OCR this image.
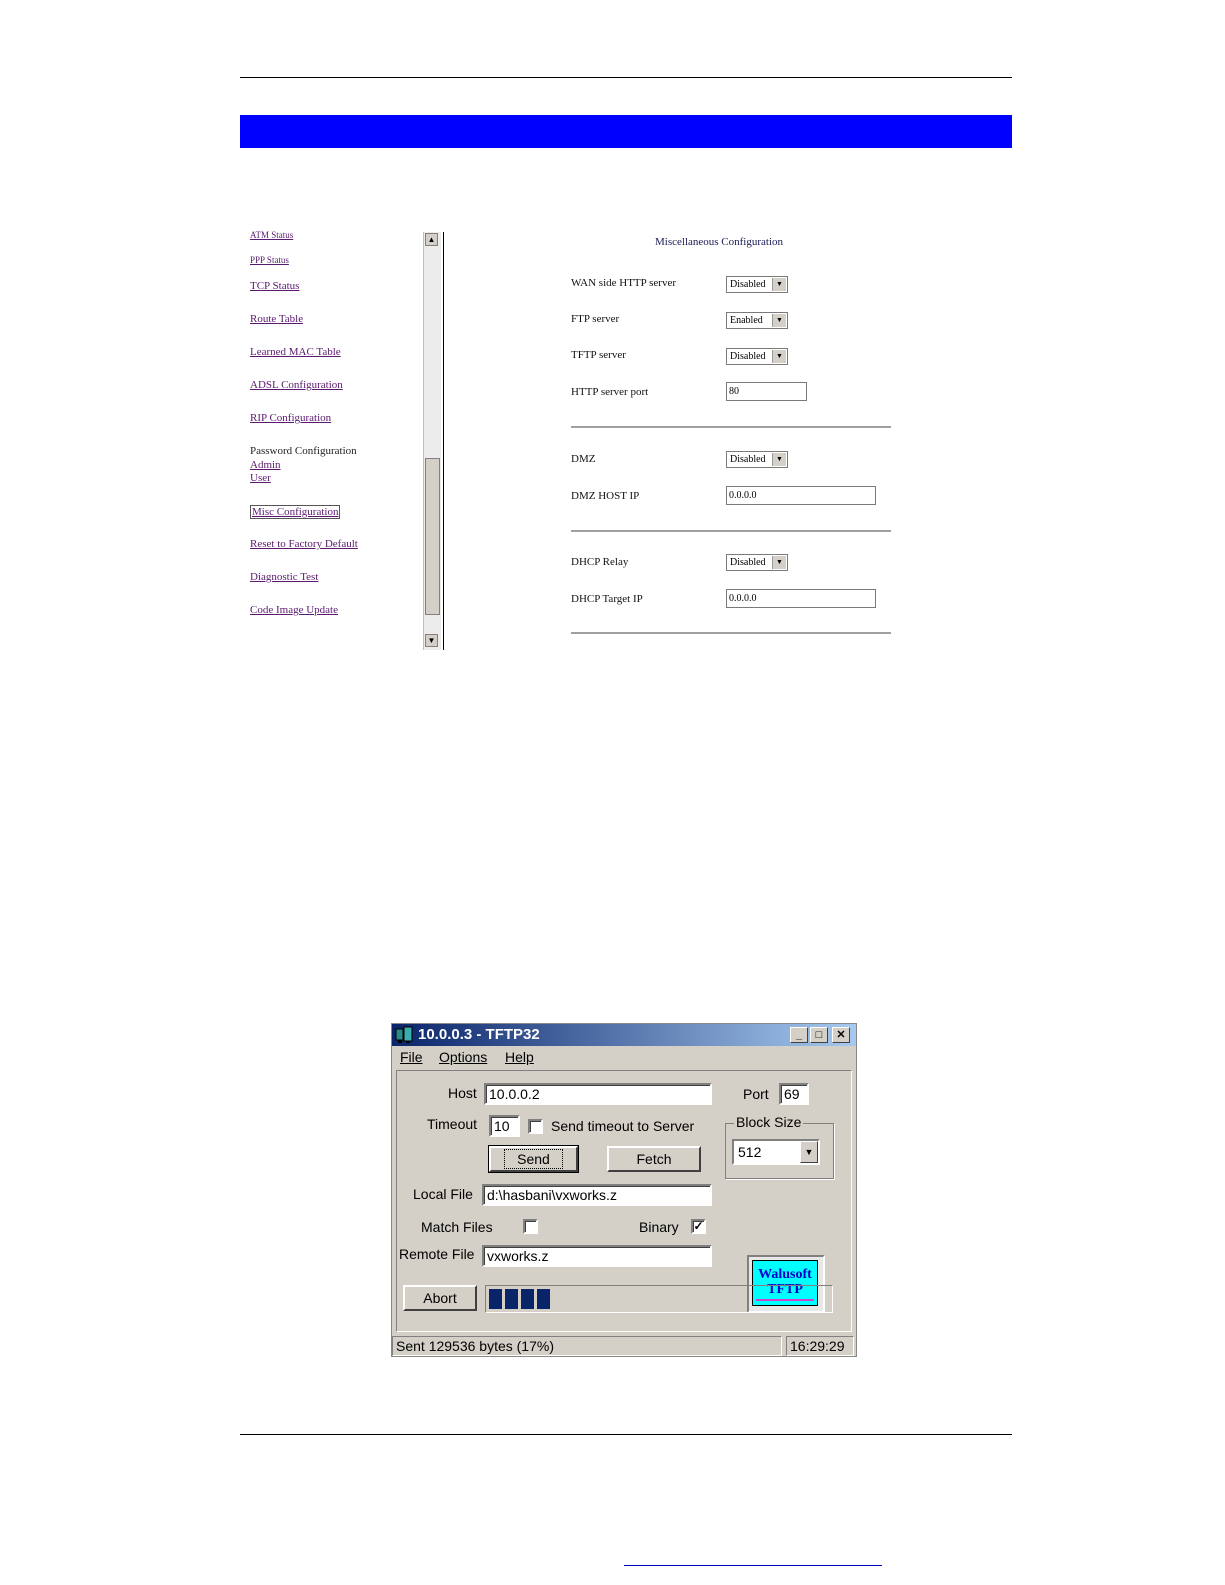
ATM Status
PPP Status
TCP Status
Route Table
Learned MAC Table
ADSL Configuration
RIP Configuration
Password Configuration
Admin
User
Misc Configuration
Reset to Factory Default
Diagnostic Test
Code Image Update
▲
▼
Miscellaneous Configuration
WAN side HTTP server	Disabled	▼
FTP server	Enabled	▼
TFTP server	Disabled	▼
HTTP server port	80
DMZ	Disabled	▼
DMZ HOST IP	0.0.0.0
DHCP Relay	Disabled	▼
DHCP Target IP	0.0.0.0
10.0.0.3 - TFTP32	_	□	✕
File Options Help
Host 10.0.0.2	Port	69
Timeout	10	Send timeout to Server	Block Size
512	▼
Send	Fetch
Local File	d:\hasbani\vxworks.z
Match Files	Binary ✓
Remote File vxworks.z
Walusoft
TFTP
Abort
Sent 129536 bytes (17%)	16:29:29
